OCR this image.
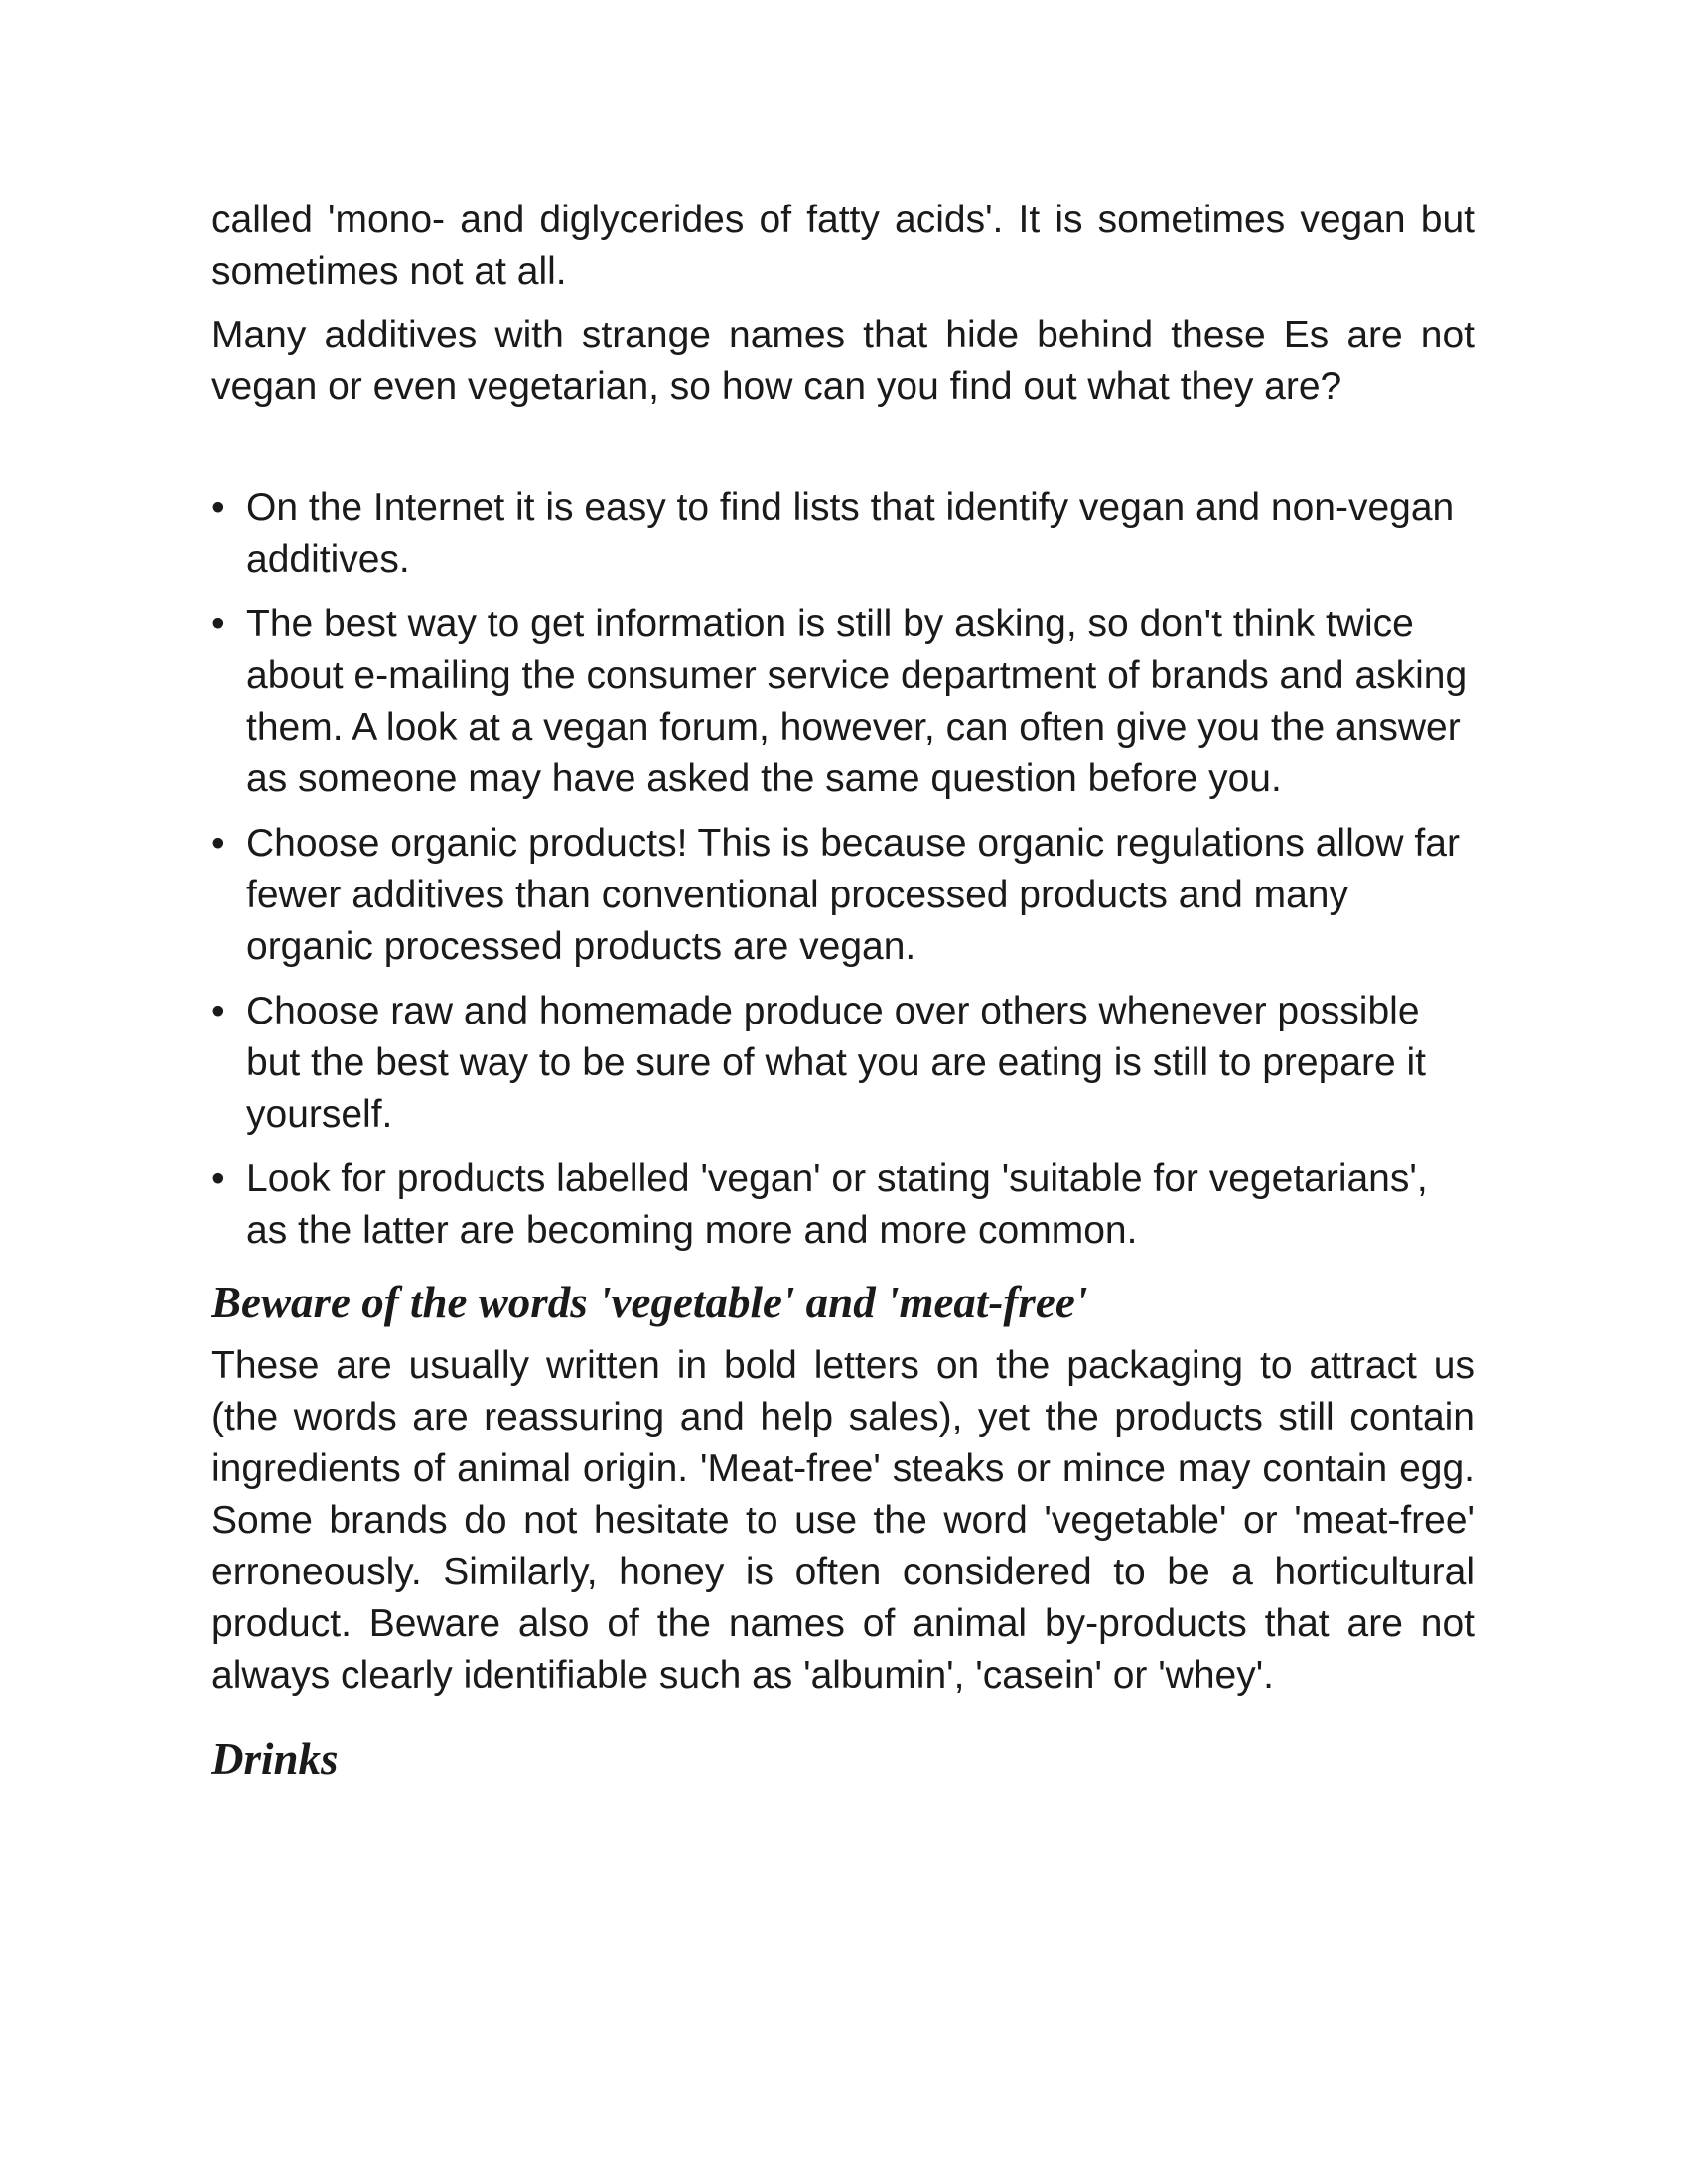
called 'mono- and diglycerides of fatty acids'. It is sometimes vegan but sometimes not at all.

Many additives with strange names that hide behind these Es are not vegan or even vegetarian, so how can you find out what they are?

• On the Internet it is easy to find lists that identify vegan and non-vegan additives.
• The best way to get information is still by asking, so don't think twice about e-mailing the consumer service department of brands and asking them. A look at a vegan forum, however, can often give you the answer as someone may have asked the same question before you.
• Choose organic products! This is because organic regulations allow far fewer additives than conventional processed products and many organic processed products are vegan.
• Choose raw and homemade produce over others whenever possible but the best way to be sure of what you are eating is still to prepare it yourself.
• Look for products labelled 'vegan' or stating 'suitable for vegetarians', as the latter are becoming more and more common.
Beware of the words 'vegetable' and 'meat-free'

These are usually written in bold letters on the packaging to attract us (the words are reassuring and help sales), yet the products still contain ingredients of animal origin. 'Meat-free' steaks or mince may contain egg. Some brands do not hesitate to use the word 'vegetable' or 'meat-free' erroneously. Similarly, honey is often considered to be a horticultural product. Beware also of the names of animal by-products that are not always clearly identifiable such as 'albumin', 'casein' or 'whey'.

Drinks
